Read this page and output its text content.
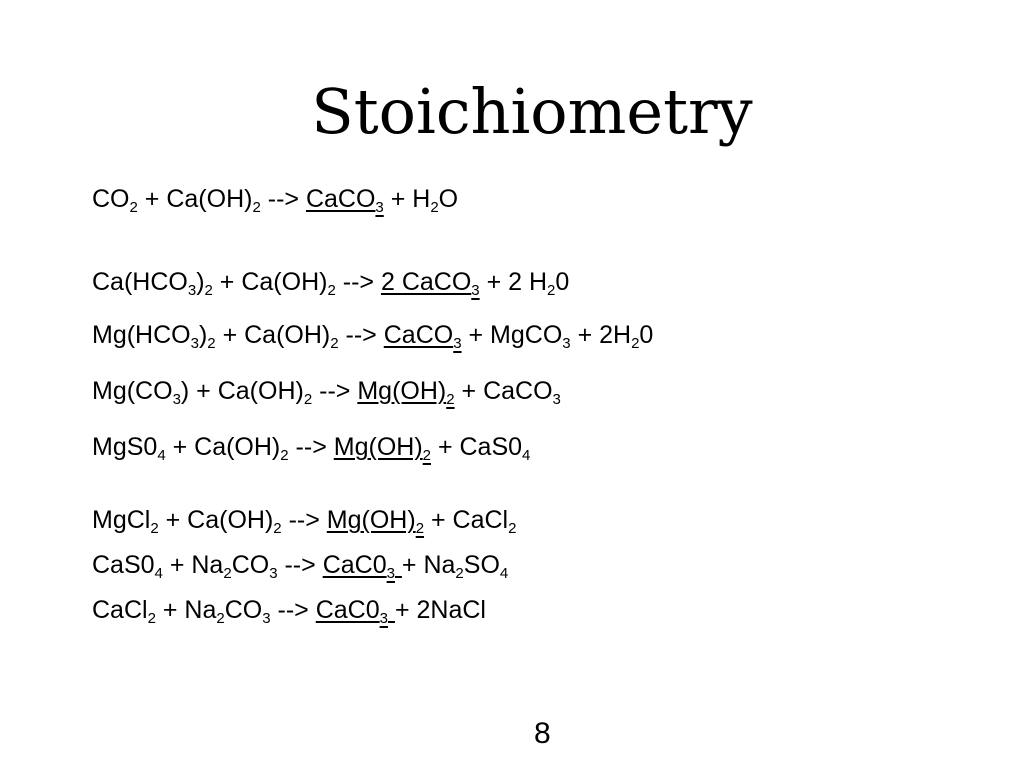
Stoichiometry
$CO_2 + Ca(OH)_2$ --> CaCO$_3$ + $H_2O$
$Ca(HCO_3)_2 + Ca(OH)_2$ --> 2 CaCO$_3$ + 2 $H_20$
$Mg(HCO_3)_2 + Ca(OH)_2$ --> CaCO$_3$ + MgCO$_3$ + $2H_20$
$Mg(CO_3) + Ca(OH)_2$ --> $Mg(OH)_2$ + CaCO$_3$
$MgS0_4 + Ca(OH)_2$ --> $Mg(OH)_2 + CaS0_4$
MgCl$_2$ + $Ca(OH)_2$ --> $Mg(OH)_2$ + CaCl$_2$
$CaS0_4 + Na_2CO_3$ --> $CaC0_3 + Na_2SO_4$
CaCl$_2$ + $Na_2CO_3$ --> $CaC0_3$ + 2NaCl
8
